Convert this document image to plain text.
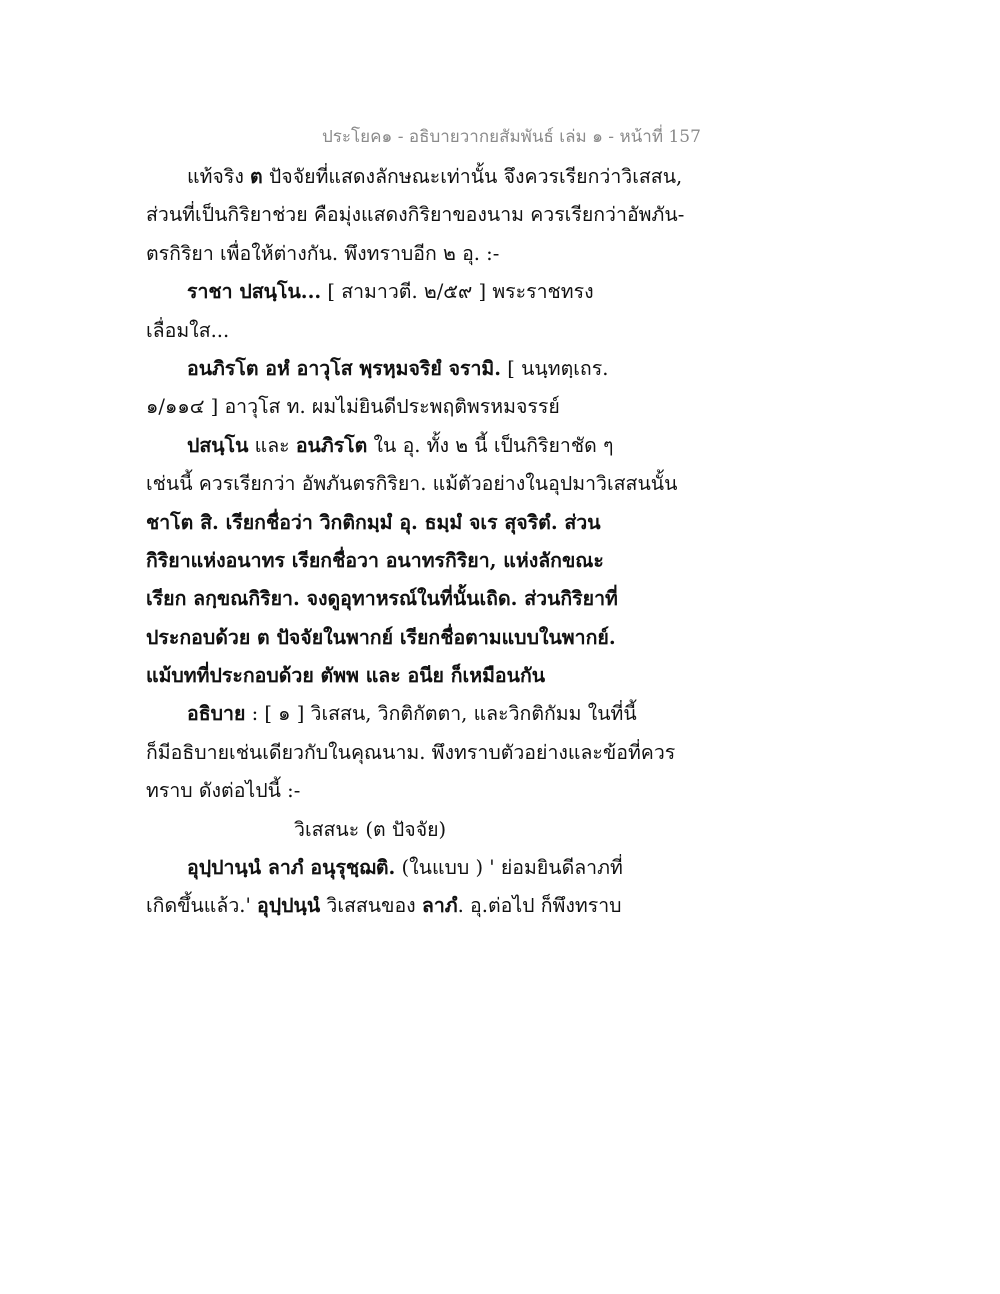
ประโยค๑ - อธิบายวากยสัมพันธ์ เล่ม ๑ - หน้าที่ 157
แท้จริง ต ปัจจัยที่แสดงลักษณะเท่านั้น จึงควรเรียกว่าวิเสสน,
ส่วนที่เป็นกิริยาช่วย คือมุ่งแสดงกิริยาของนาม ควรเรียกว่าอัพภัน-
ตรกิริยา เพื่อให้ต่างกัน. พึงทราบอีก ๒ อุ. :-
ราชา ปสนฺโน... [ สามาวตี. ๒/๕๙ ] พระราชทรง
เลื่อมใส...
อนภิรโต อหํ อาวุโส พฺรหฺมจริยํ จรามิ. [ นนฺทตฺเถร.
๑/๑๑๔ ] อาวุโส ท. ผมไม่ยินดีประพฤติพรหมจรรย์
ปสนฺโน และ อนภิรโต ใน อุ. ทั้ง ๒ นี้ เป็นกิริยาชัด ๆ
เช่นนี้ ควรเรียกว่า อัพภันตรกิริยา. แม้ตัวอย่างในอุปมาวิเสสนนั้น
ชาโต สิ. เรียกชื่อว่า วิกติกมฺมํ อุ. ธมฺมํ จเร สุจริตํ. ส่วน
กิริยาแห่งอนาทร เรียกชื่อวา อนาทรกิริยา, แห่งลักขณะ
เรียก ลกฺขณกิริยา. จงดูอุทาหรณ์ในที่นั้นเถิด. ส่วนกิริยาที่
ประกอบด้วย ต ปัจจัยในพากย์ เรียกชื่อตามแบบในพากย์.
แม้บทที่ประกอบด้วย ตัพพ และ อนีย ก็เหมือนกัน
อธิบาย : [ ๑ ] วิเสสน, วิกติกัตตา, และวิกติกัมม ในที่นี้
ก็มีอธิบายเช่นเดียวกับในคุณนาม. พึงทราบตัวอย่างและข้อที่ควร
ทราบ ดังต่อไปนี้ :-
วิเสสนะ (ต ปัจจัย)
อุปฺปานฺนํ ลาภํ อนุรุชฺฌติ. (ในแบบ ) ' ย่อมยินดีลาภที่
เกิดขึ้นแล้ว.' อุปฺปนฺนํ วิเสสนของ ลาภํ. อุ.ต่อไป ก็พึงทราบ
